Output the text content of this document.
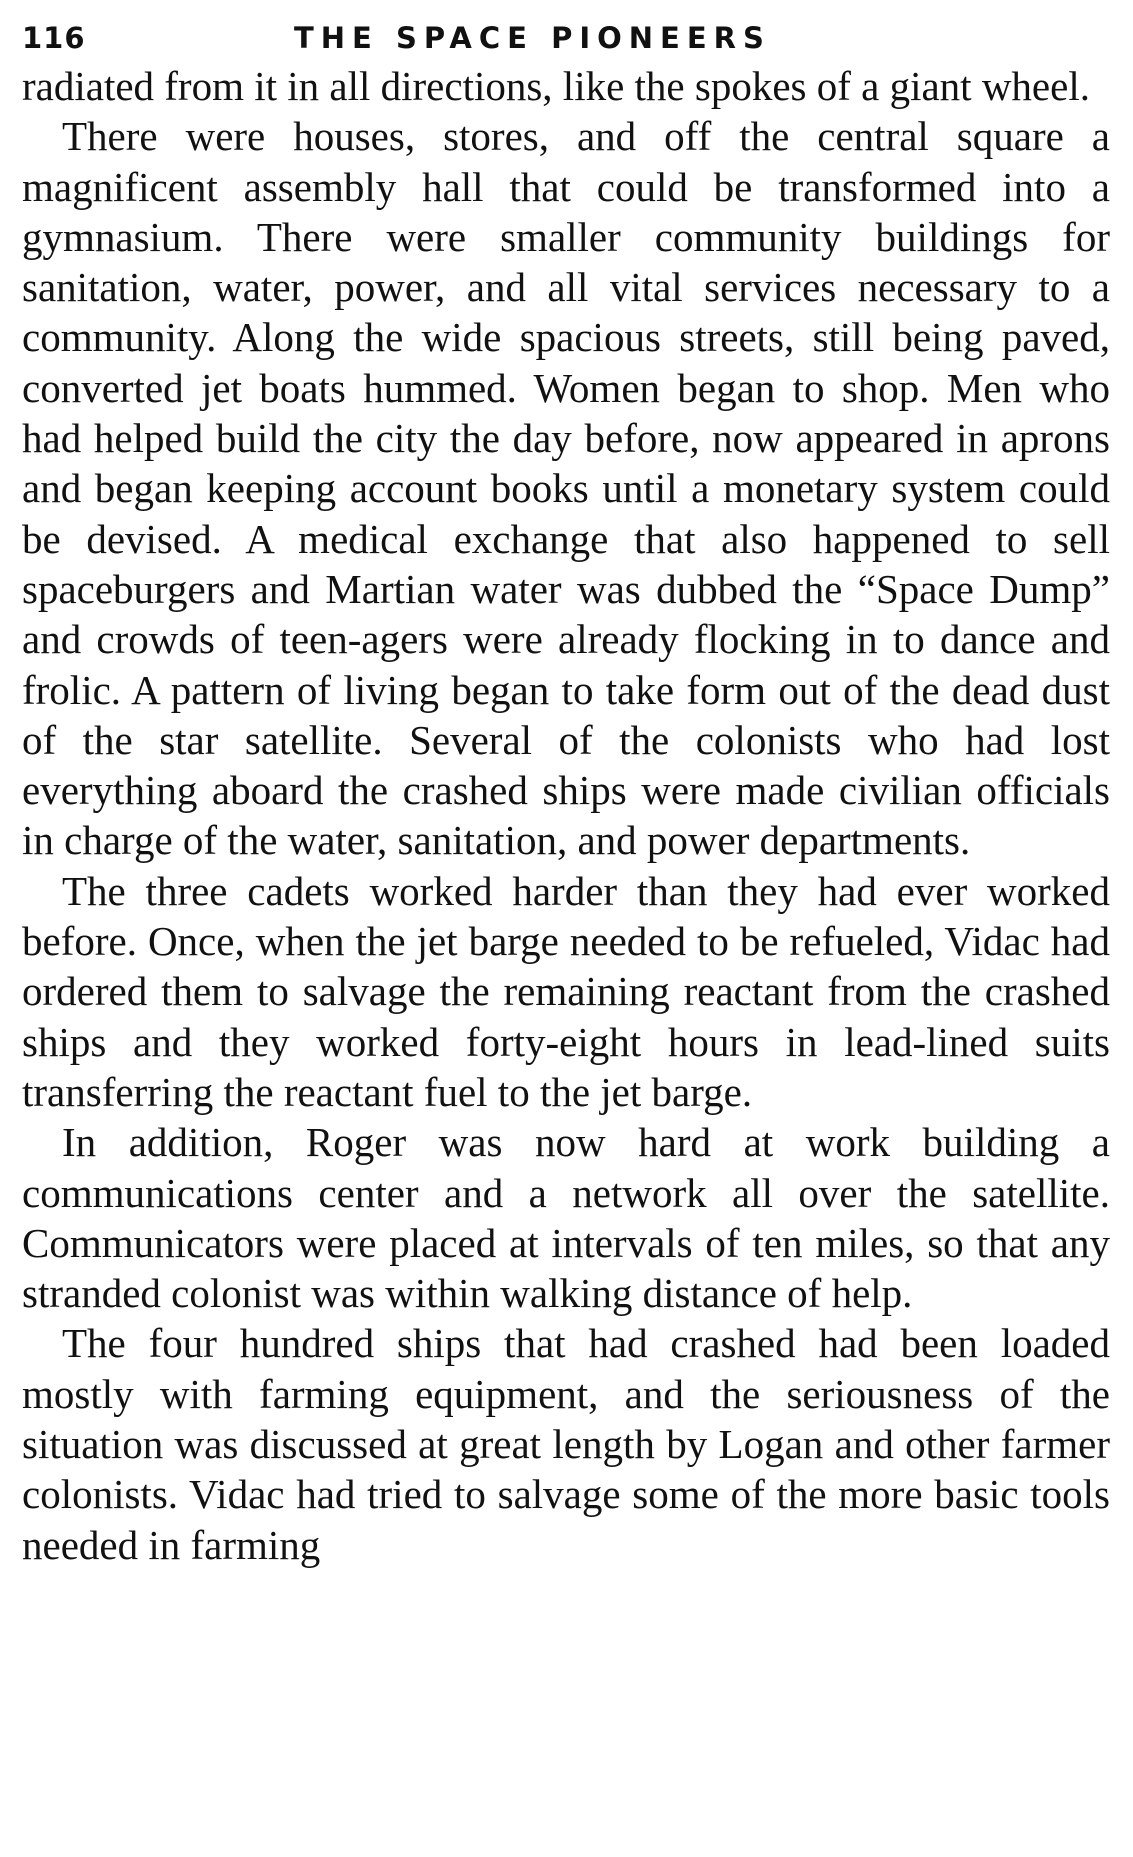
116	THE SPACE PIONEERS

radiated from it in all directions, like the spokes of a giant wheel.

There were houses, stores, and off the central square a magnificent assembly hall that could be transformed into a gymnasium. There were smaller community buildings for sanitation, water, power, and all vital services necessary to a community. Along the wide spacious streets, still being paved, converted jet boats hummed. Women began to shop. Men who had helped build the city the day before, now appeared in aprons and began keeping account books until a monetary system could be devised. A medical exchange that also happened to sell spaceburgers and Martian water was dubbed the “Space Dump” and crowds of teen-agers were already flocking in to dance and frolic. A pattern of living began to take form out of the dead dust of the star satellite. Several of the colonists who had lost everything aboard the crashed ships were made civilian officials in charge of the water, sanitation, and power departments.

The three cadets worked harder than they had ever worked before. Once, when the jet barge needed to be refueled, Vidac had ordered them to salvage the remaining reactant from the crashed ships and they worked forty-eight hours in lead-lined suits transferring the reactant fuel to the jet barge.

In addition, Roger was now hard at work building a communications center and a network all over the satellite. Communicators were placed at intervals of ten miles, so that any stranded colonist was within walking distance of help.

The four hundred ships that had crashed had been loaded mostly with farming equipment, and the seriousness of the situation was discussed at great length by Logan and other farmer colonists. Vidac had tried to salvage some of the more basic tools needed in farming
